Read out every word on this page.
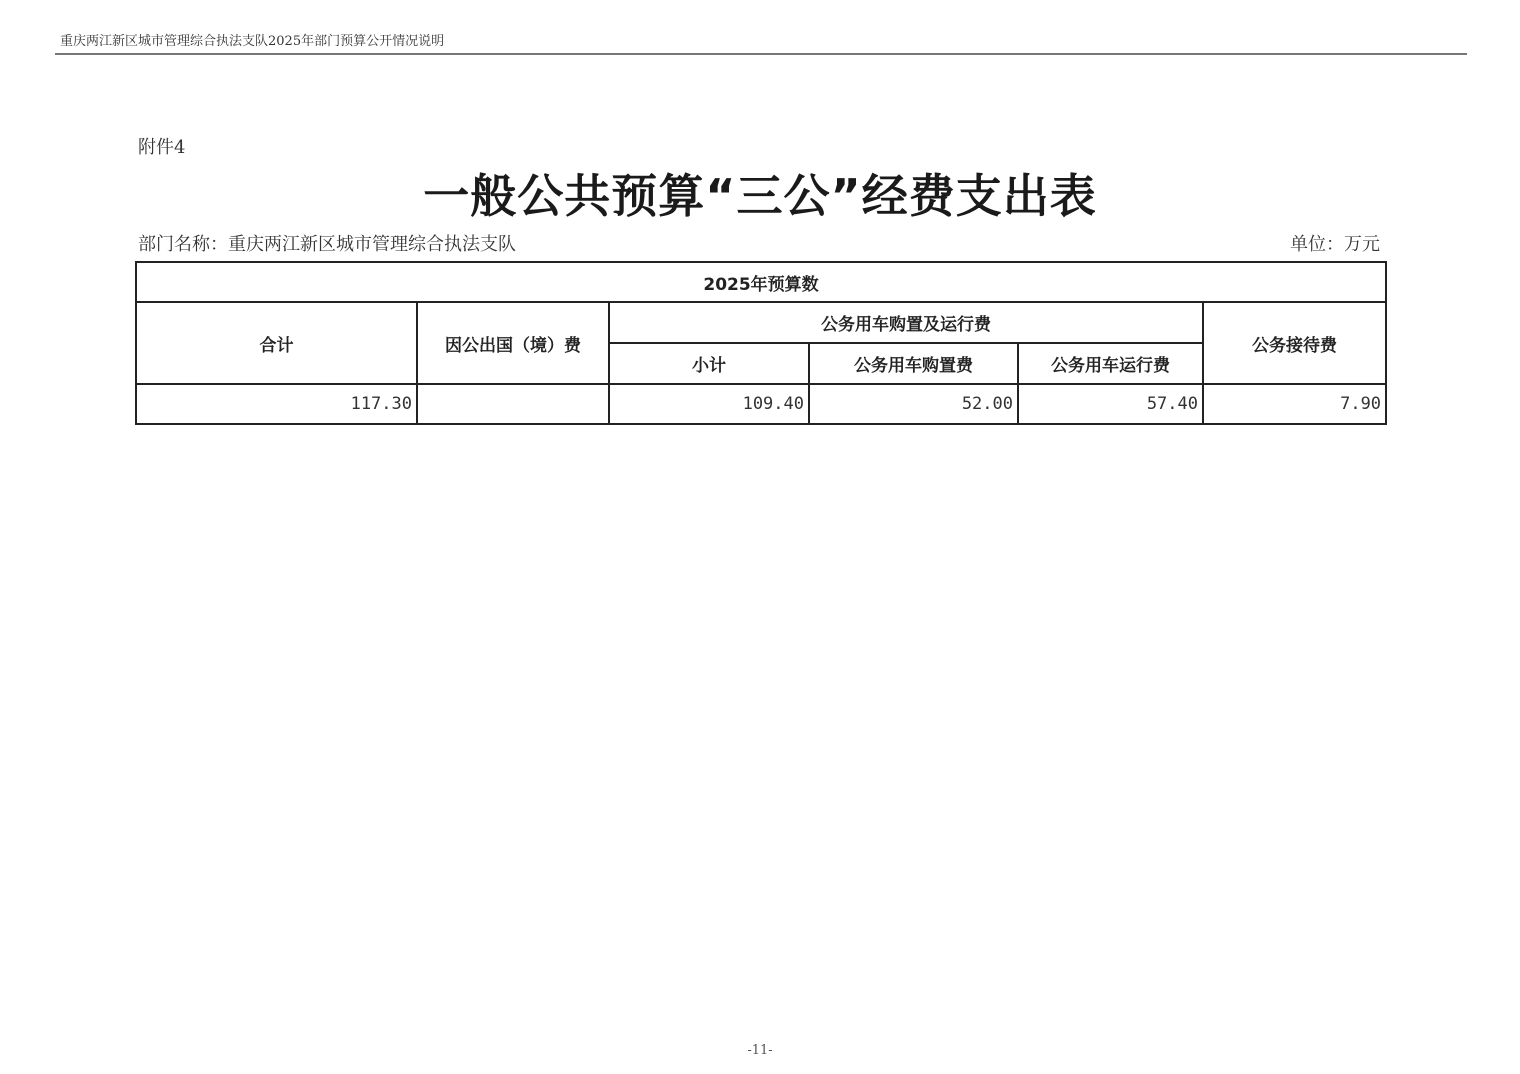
重庆两江新区城市管理综合执法支队2025年部门预算公开情况说明
附件4
一般公共预算“三公”经费支出表
部门名称：重庆两江新区城市管理综合执法支队	单位：万元
2025年预算数					
合计	因公出国（境）费	公务用车购置及运行费			公务接待费
		小计	公务用车购置费	公务用车运行费	
117.30		109.40	52.00	57.40	7.90
-11-
